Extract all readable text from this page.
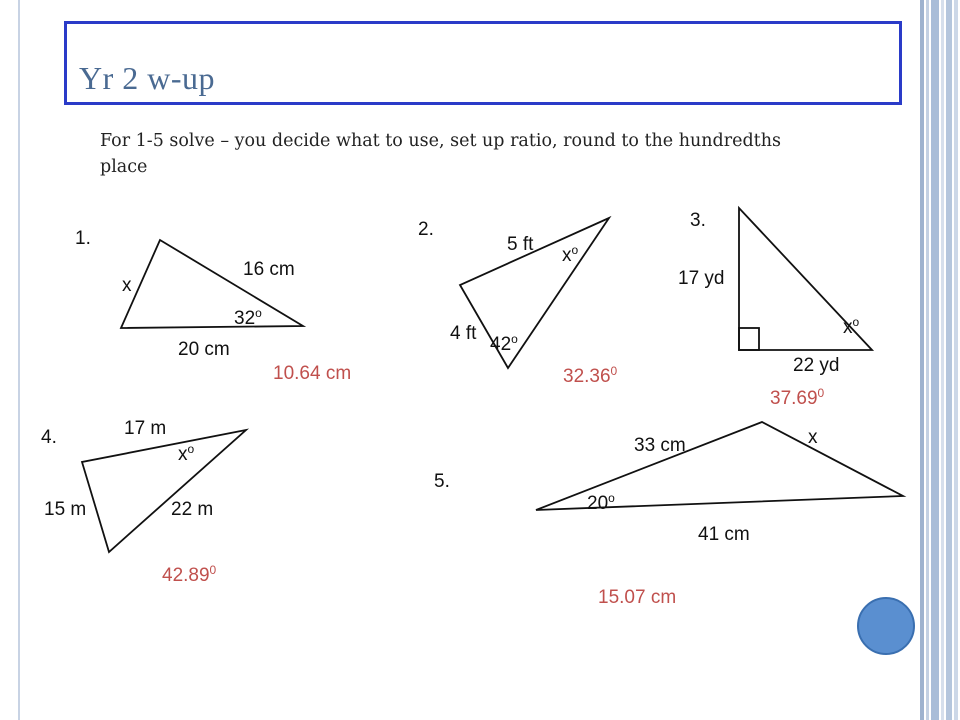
Yr 2 w-up
For 1-5 solve – you decide what to use, set up ratio, round to the hundredths place
1.
16 cm
x
32$^o$
20 cm
10.64 cm
2.
5 ft
$x^o$
4 ft
42$^o$
32.36$^0$
3.
17 yd
$x^o$
22 yd
37.69$^0$
4.	17 m
$x^o$
15 m	22 m
42.89$^0$
5.
33 cm	x
20$^o$
41 cm
15.07 cm
